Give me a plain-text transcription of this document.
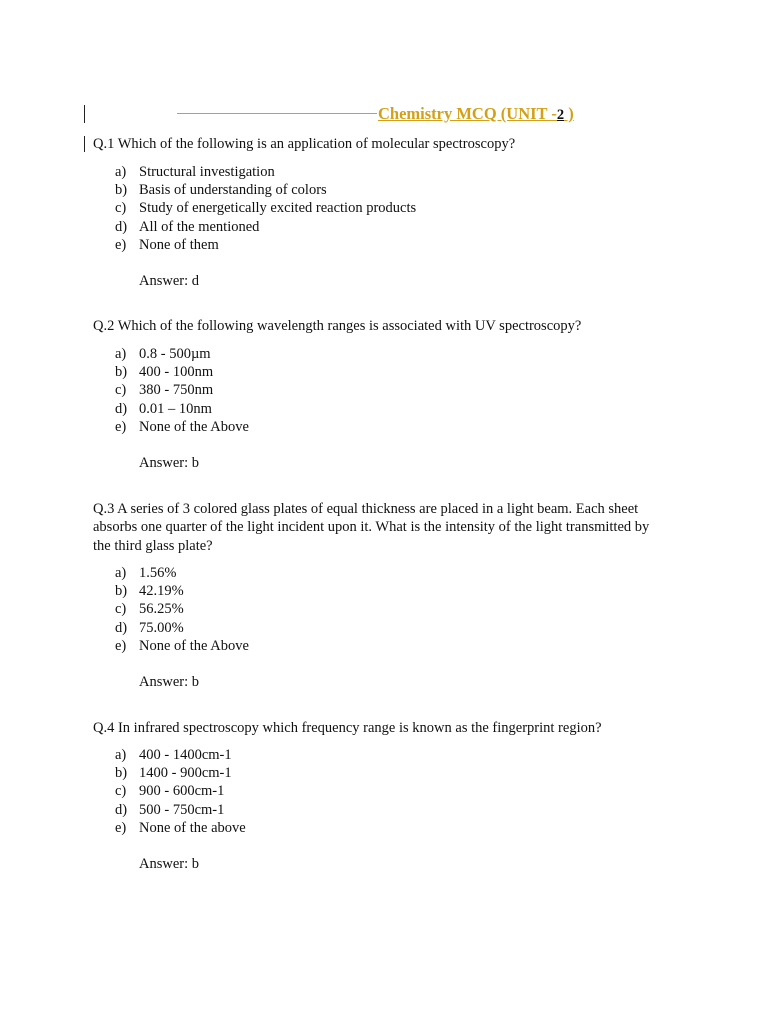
Chemistry MCQ (UNIT -2 )
Q.1 Which of the following is an application of molecular spectroscopy?
a) Structural investigation
b) Basis of understanding of colors
c) Study of energetically excited reaction products
d) All of the mentioned
e) None of them
Answer: d
Q.2 Which of the following wavelength ranges is associated with UV spectroscopy?
a) 0.8 - 500µm
b) 400 - 100nm
c) 380 - 750nm
d) 0.01 – 10nm
e) None of the Above
Answer: b
Q.3 A series of 3 colored glass plates of equal thickness are placed in a light beam. Each sheet absorbs one quarter of the light incident upon it. What is the intensity of the light transmitted by the third glass plate?
a) 1.56%
b) 42.19%
c) 56.25%
d) 75.00%
e) None of the Above
Answer: b
Q.4 In infrared spectroscopy which frequency range is known as the fingerprint region?
a) 400 - 1400cm-1
b) 1400 - 900cm-1
c) 900 - 600cm-1
d) 500 - 750cm-1
e) None of the above
Answer: b
